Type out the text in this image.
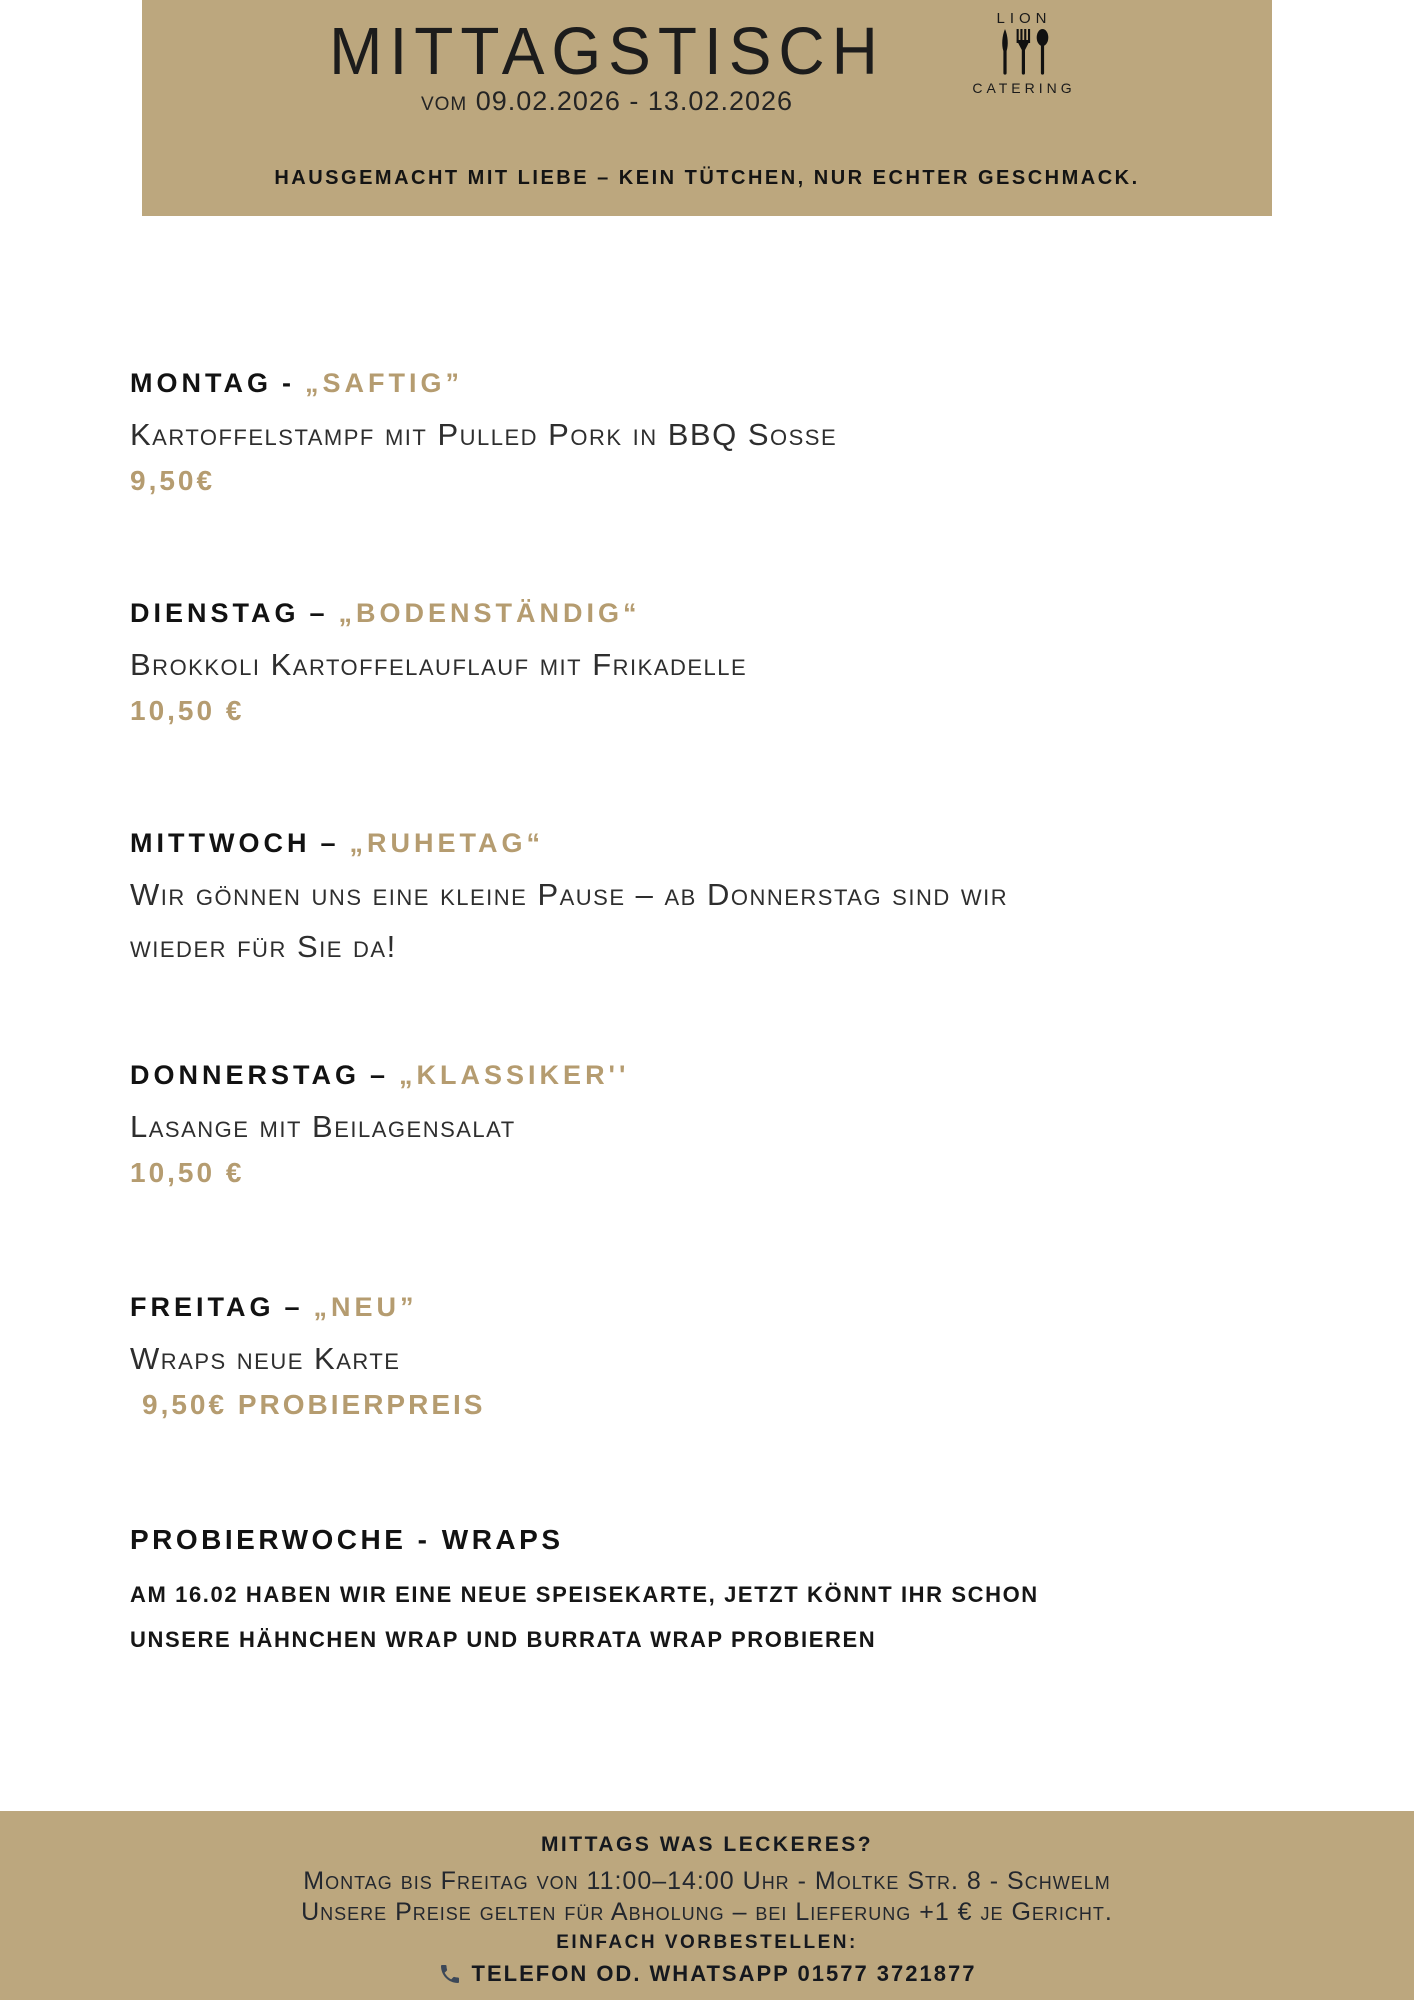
MITTAGSTISCH
vom 09.02.2026 - 13.02.2026
LION
CATERING
HAUSGEMACHT MIT LIEBE – KEIN TÜTCHEN, NUR ECHTER GESCHMACK.
MONTAG - „SAFTIG”
Kartoffelstampf mit Pulled Pork in BBQ Sosse
9,50€
DIENSTAG – „BODENSTÄNDIG“
Brokkoli Kartoffelauflauf mit Frikadelle
10,50 €
MITTWOCH – „RUHETAG“
Wir gönnen uns eine kleine Pause – ab Donnerstag sind wir wieder für Sie da!
DONNERSTAG – „KLASSIKER''
Lasange mit Beilagensalat
10,50 €
FREITAG – „NEU”
Wraps neue Karte
9,50€ PROBIERPREIS
PROBIERWOCHE - WRAPS
AM 16.02 HABEN WIR EINE NEUE SPEISEKARTE, JETZT KÖNNT IHR SCHON UNSERE HÄHNCHEN WRAP UND BURRATA WRAP PROBIEREN
MITTAGS WAS LECKERES?
Montag bis Freitag von 11:00–14:00 Uhr - Moltke Str. 8 - Schwelm
Unsere Preise gelten für Abholung – bei Lieferung +1 € je Gericht.
EINFACH VORBESTELLEN:
TELEFON OD. WHATSAPP 01577 3721877
